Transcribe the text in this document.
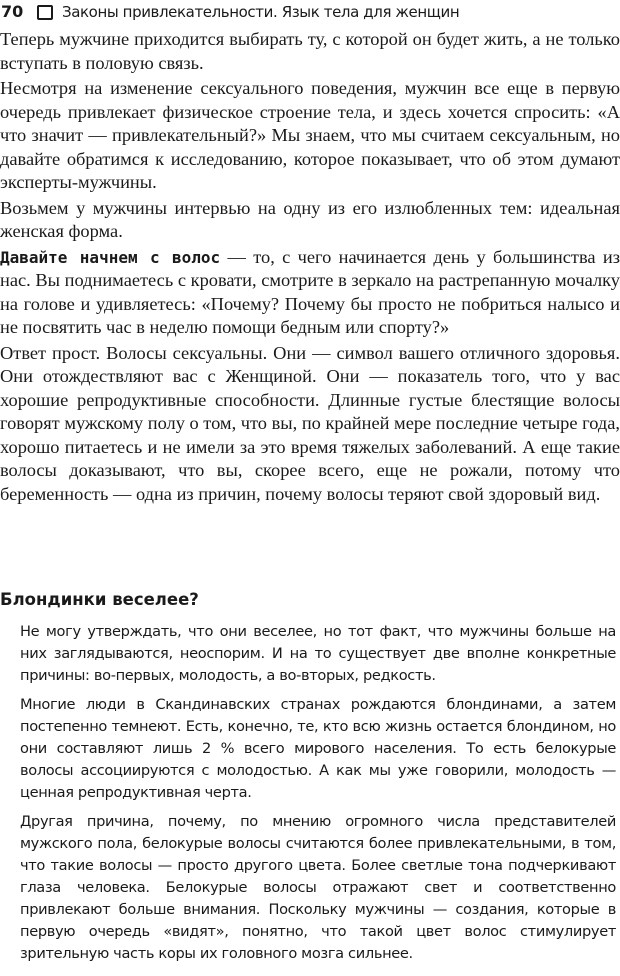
70	Законы привлекательности. Язык тела для женщин

Теперь мужчине приходится выбирать ту, с которой он будет жить, а не только вступать в половую связь.

Несмотря на изменение сексуального поведения, мужчин все еще в первую очередь привлекает физическое строение тела, и здесь хочется спросить: «А что значит — привлекательный?» Мы знаем, что мы считаем сексуальным, но давайте обратимся к исследованию, которое показывает, что об этом думают эксперты-мужчины.

Возьмем у мужчины интервью на одну из его излюбленных тем: идеальная женская форма.

Давайте начнем с волос — то, с чего начинается день у большинства из нас. Вы поднимаетесь с кровати, смотрите в зеркало на растрепанную мочалку на голове и удивляетесь: «Почему? Почему бы просто не побриться налысо и не посвятить час в неделю помощи бедным или спорту?»

Ответ прост. Волосы сексуальны. Они — символ вашего отличного здоровья. Они отождествляют вас с Женщиной. Они — показатель того, что у вас хорошие репродуктивные способности. Длинные густые блестящие волосы говорят мужскому полу о том, что вы, по крайней мере последние четыре года, хорошо питаетесь и не имели за это время тяжелых заболеваний. А еще такие волосы доказывают, что вы, скорее всего, еще не рожали, потому что беременность — одна из причин, почему волосы теряют свой здоровый вид.

Блондинки веселее?

Не могу утверждать, что они веселее, но тот факт, что мужчины больше на них заглядываются, неоспорим. И на то существует две вполне конкретные причины: во-первых, молодость, а во-вторых, редкость.

Многие люди в Скандинавских странах рождаются блондинами, а затем постепенно темнеют. Есть, конечно, те, кто всю жизнь остается блондином, но они составляют лишь 2 % всего мирового населения. То есть белокурые волосы ассоциируются с молодостью. А как мы уже говорили, молодость — ценная репродуктивная черта.

Другая причина, почему, по мнению огромного числа представителей мужского пола, белокурые волосы считаются более привлекательными, в том, что такие волосы — просто другого цвета. Более светлые тона подчеркивают глаза человека. Белокурые волосы отражают свет и соответственно привлекают больше внимания. Поскольку мужчины — создания, которые в первую очередь «видят», понятно, что такой цвет волос стимулирует зрительную часть коры их головного мозга сильнее.
